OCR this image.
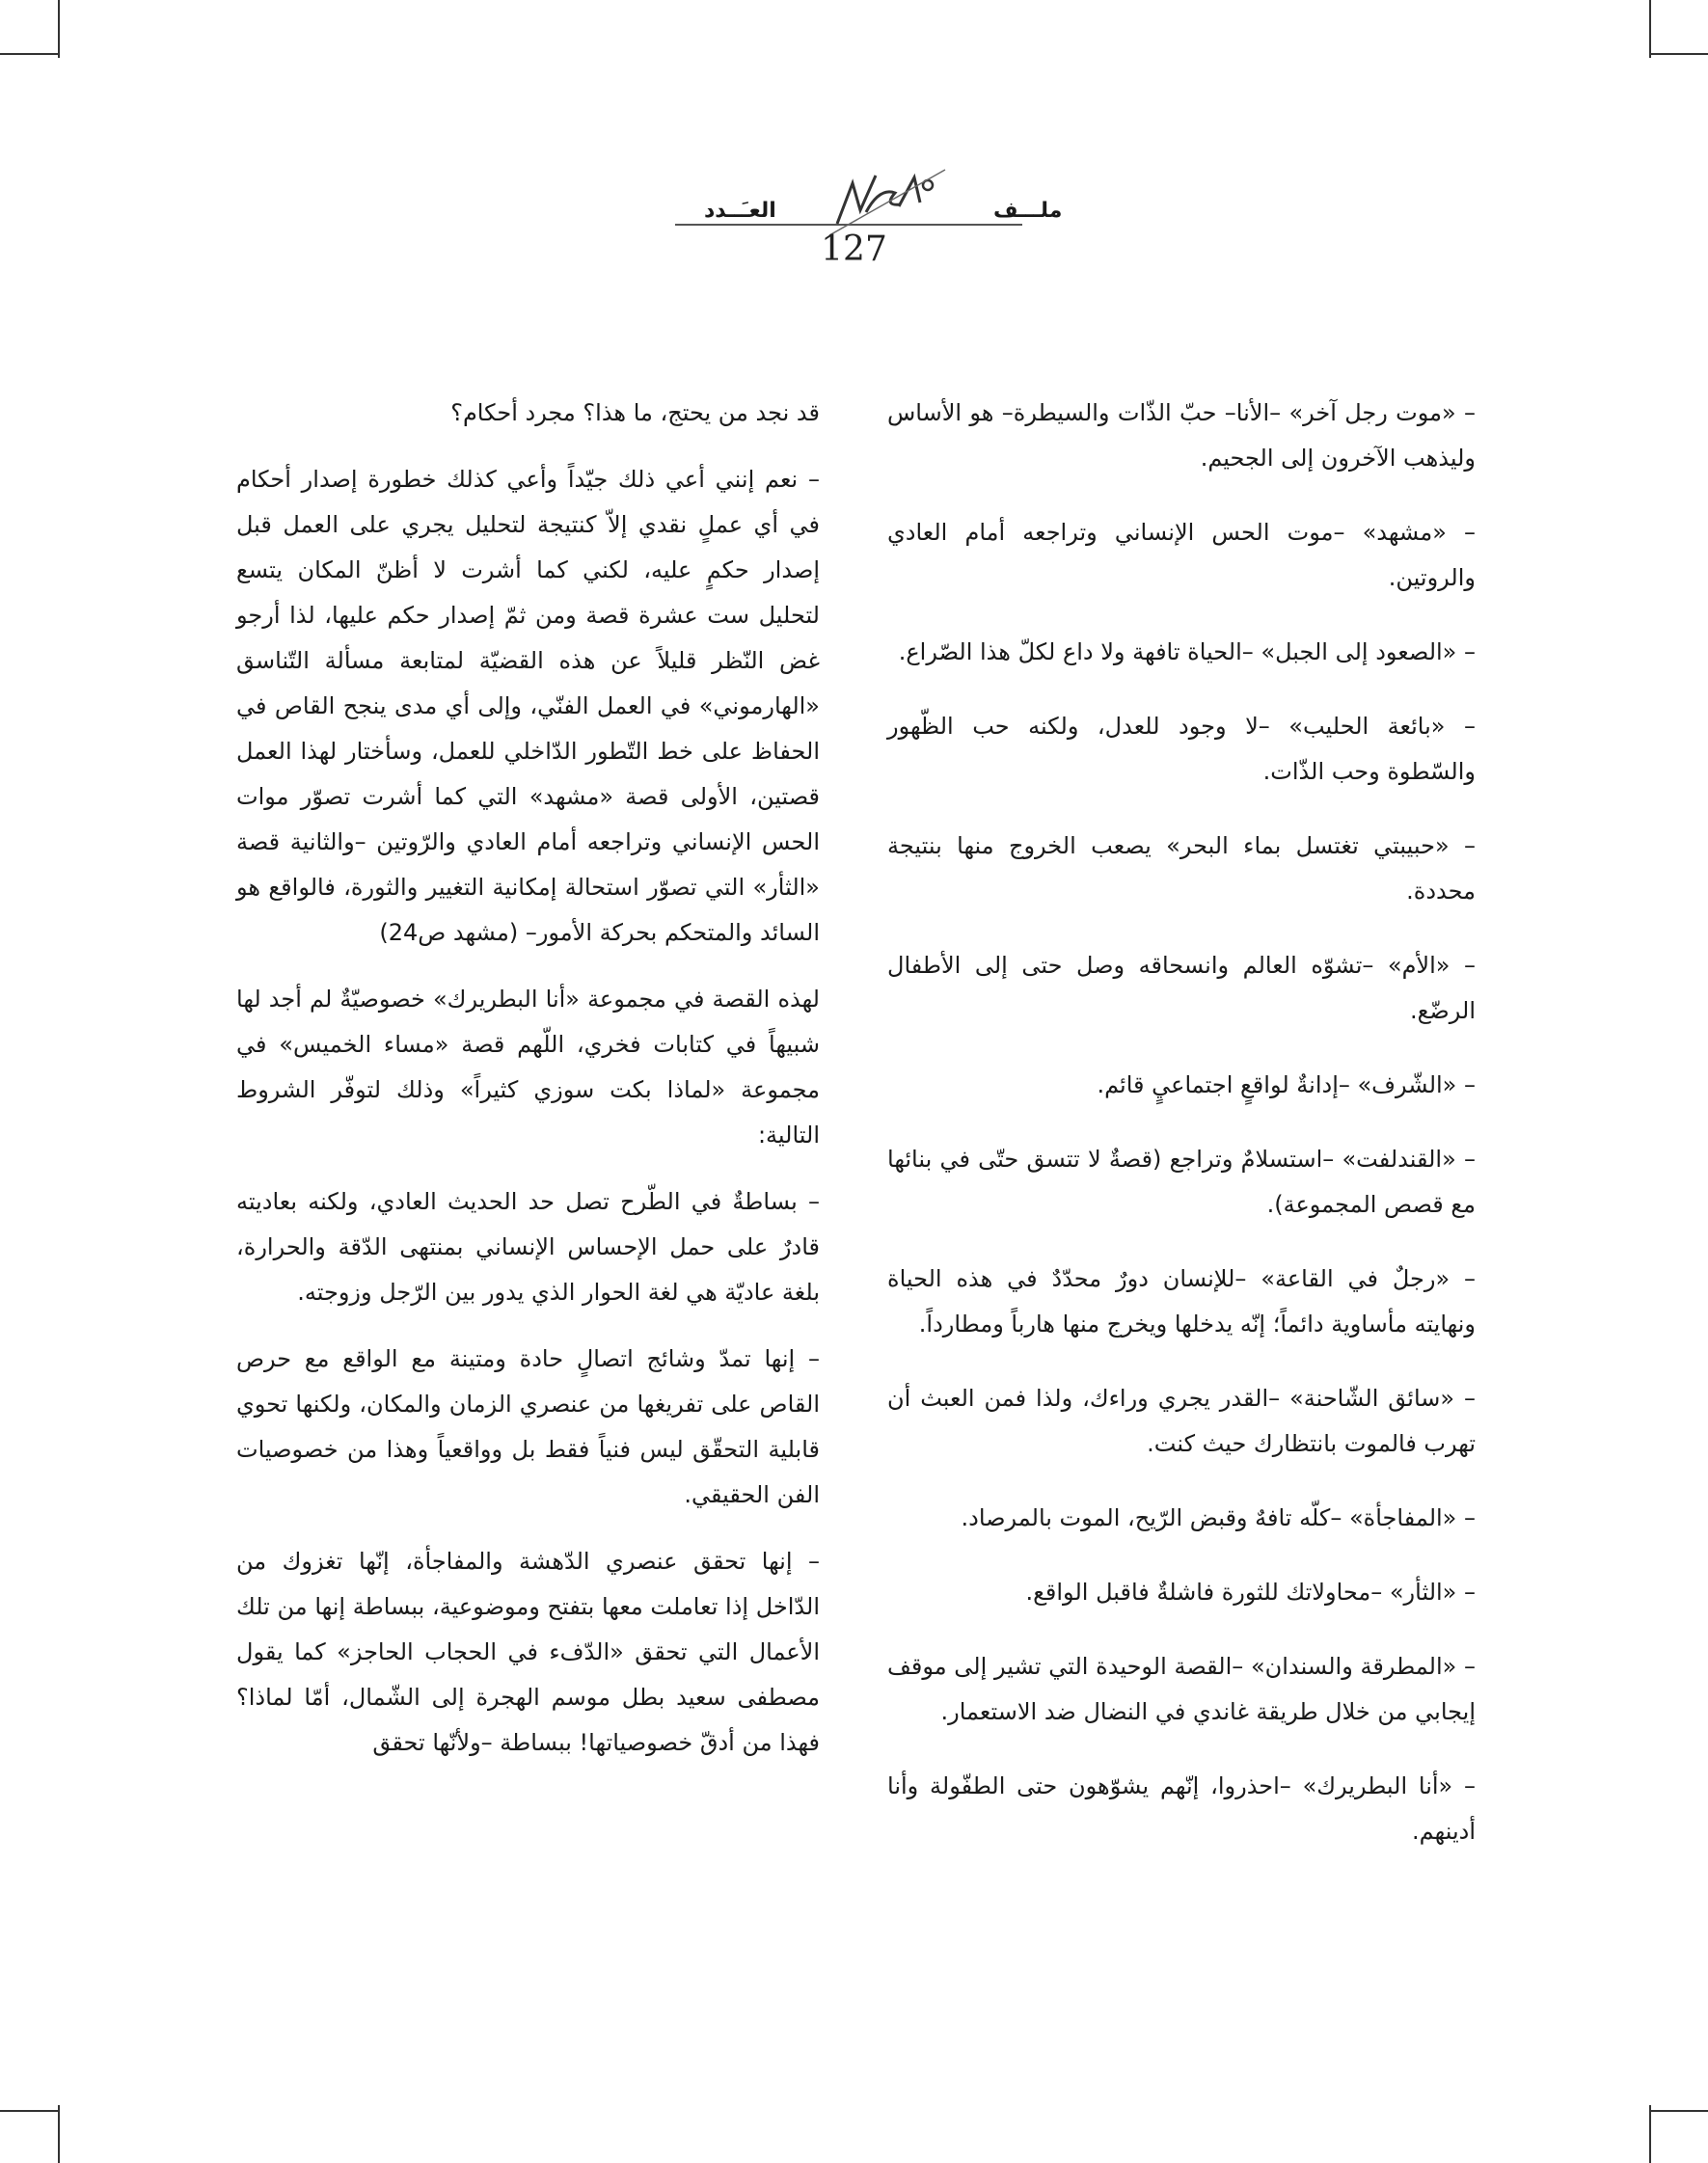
ملـــف
العـَــدد
127

– «موت رجل آخر» –الأنا– حبّ الذّات والسيطرة– هو الأساس وليذهب الآخرون إلى الجحيم.

– «مشهد» –موت الحس الإنساني وتراجعه أمام العادي والروتين.

– «الصعود إلى الجبل» –الحياة تافهة ولا داع لكلّ هذا الصّراع.

– «بائعة الحليب» –لا وجود للعدل، ولكنه حب الظّهور والسّطوة وحب الذّات.

– «حبيبتي تغتسل بماء البحر» يصعب الخروج منها بنتيجة محددة.

– «الأم» –تشوّه العالم وانسحاقه وصل حتى إلى الأطفال الرضّع.

– «الشّرف» –إدانةٌ لواقعٍ اجتماعيٍ قائم.

– «القندلفت» –استسلامٌ وتراجع (قصةٌ لا تتسق حتّى في بنائها مع قصص المجموعة).

– «رجلٌ في القاعة» –للإنسان دورٌ محدّدٌ في هذه الحياة ونهايته مأساوية دائماً؛ إنّه يدخلها ويخرج منها هارباً ومطارداً.

– «سائق الشّاحنة» –القدر يجري وراءك، ولذا فمن العبث أن تهرب فالموت بانتظارك حيث كنت.

– «المفاجأة» –كلّه تافهٌ وقبض الرّيح، الموت بالمرصاد.

– «الثأر» –محاولاتك للثورة فاشلةٌ فاقبل الواقع.

– «المطرقة والسندان» –القصة الوحيدة التي تشير إلى موقف إيجابي من خلال طريقة غاندي في النضال ضد الاستعمار.

– «أنا البطريرك» –احذروا، إنّهم يشوّهون حتى الطفّولة وأنا أدينهم.

قد نجد من يحتج، ما هذا؟ مجرد أحكام؟

– نعم إنني أعي ذلك جيّداً وأعي كذلك خطورة إصدار أحكام في أي عملٍ نقدي إلاّ كنتيجة لتحليل يجري على العمل قبل إصدار حكمٍ عليه، لكني كما أشرت لا أظنّ المكان يتسع لتحليل ست عشرة قصة ومن ثمّ إصدار حكم عليها، لذا أرجو غض النّظر قليلاً عن هذه القضيّة لمتابعة مسألة التّناسق «الهارموني» في العمل الفنّي، وإلى أي مدى ينجح القاص في الحفاظ على خط التّطور الدّاخلي للعمل، وسأختار لهذا العمل قصتين، الأولى قصة «مشهد» التي كما أشرت تصوّر موات الحس الإنساني وتراجعه أمام العادي والرّوتين –والثانية قصة «الثأر» التي تصوّر استحالة إمكانية التغيير والثورة، فالواقع هو السائد والمتحكم بحركة الأمور– (مشهد ص24)

لهذه القصة في مجموعة «أنا البطريرك» خصوصيّةٌ لم أجد لها شبيهاً في كتابات فخري، اللّهم قصة «مساء الخميس» في مجموعة «لماذا بكت سوزي كثيراً» وذلك لتوفّر الشروط التالية:

– بساطةٌ في الطّرح تصل حد الحديث العادي، ولكنه بعاديته قادرٌ على حمل الإحساس الإنساني بمنتهى الدّقة والحرارة، بلغة عاديّة هي لغة الحوار الذي يدور بين الرّجل وزوجته.

– إنها تمدّ وشائج اتصالٍ حادة ومتينة مع الواقع مع حرص القاص على تفريغها من عنصري الزمان والمكان، ولكنها تحوي قابلية التحقّق ليس فنياً فقط بل وواقعياً وهذا من خصوصيات الفن الحقيقي.

– إنها تحقق عنصري الدّهشة والمفاجأة، إنّها تغزوك من الدّاخل إذا تعاملت معها بتفتح وموضوعية، ببساطة إنها من تلك الأعمال التي تحقق «الدّفء في الحجاب الحاجز» كما يقول مصطفى سعيد بطل موسم الهجرة إلى الشّمال، أمّا لماذا؟ فهذا من أدقّ خصوصياتها! ببساطة –ولأنّها تحقق
